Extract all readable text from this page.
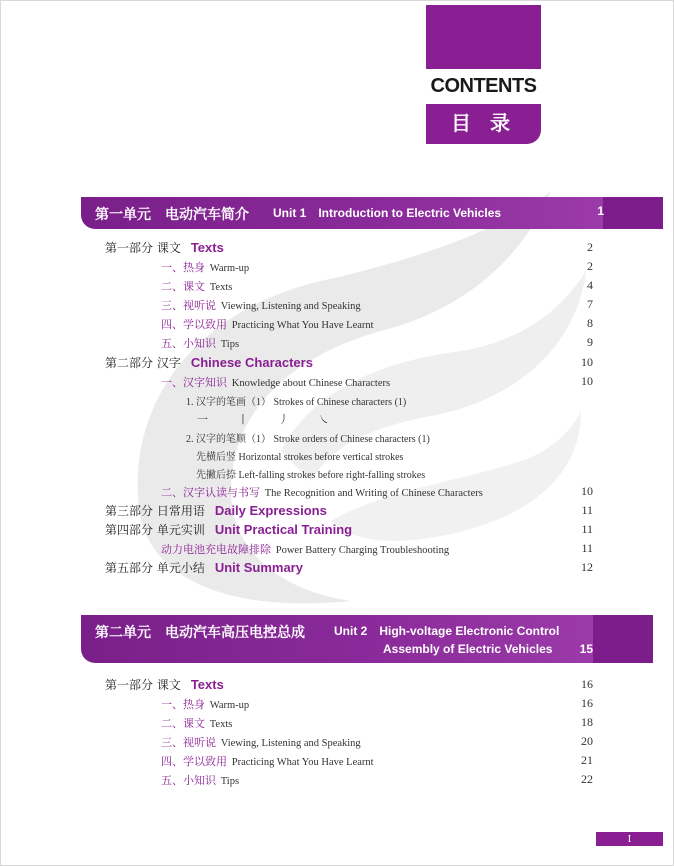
CONTENTS
目 录
第一单元　电动汽车简介 Unit 1　Introduction to Electric Vehicles	1
第一部分 课文 Texts	2
一、热身 Warm-up	2
二、课文 Texts	4
三、视听说 Viewing, Listening and Speaking	7
四、学以致用 Practicing What You Have Learnt	8
五、小知识 Tips	9
第二部分 汉字 Chinese Characters	10
一、汉字知识 Knowledge about Chinese Characters	10
1. 汉字的笔画（1） Strokes of Chinese characters (1)
一 丨 丿 ㇏
2. 汉字的笔顺（1） Stroke orders of Chinese characters (1)
先横后竖 Horizontal strokes before vertical strokes
先撇后捺 Left-falling strokes before right-falling strokes
二、汉字认读与书写 The Recognition and Writing of Chinese Characters	10
第三部分 日常用语 Daily Expressions	11
第四部分 单元实训 Unit Practical Training	11
动力电池充电故障排除 Power Battery Charging Troubleshooting	11
第五部分 单元小结 Unit Summary	12
第二单元　电动汽车高压电控总成 Unit 2　High-voltage Electronic Control
Assembly of Electric Vehicles 15
第一部分 课文 Texts	16
一、热身 Warm-up	16
二、课文 Texts	18
三、视听说 Viewing, Listening and Speaking	20
四、学以致用 Practicing What You Have Learnt	21
五、小知识 Tips	22
I
